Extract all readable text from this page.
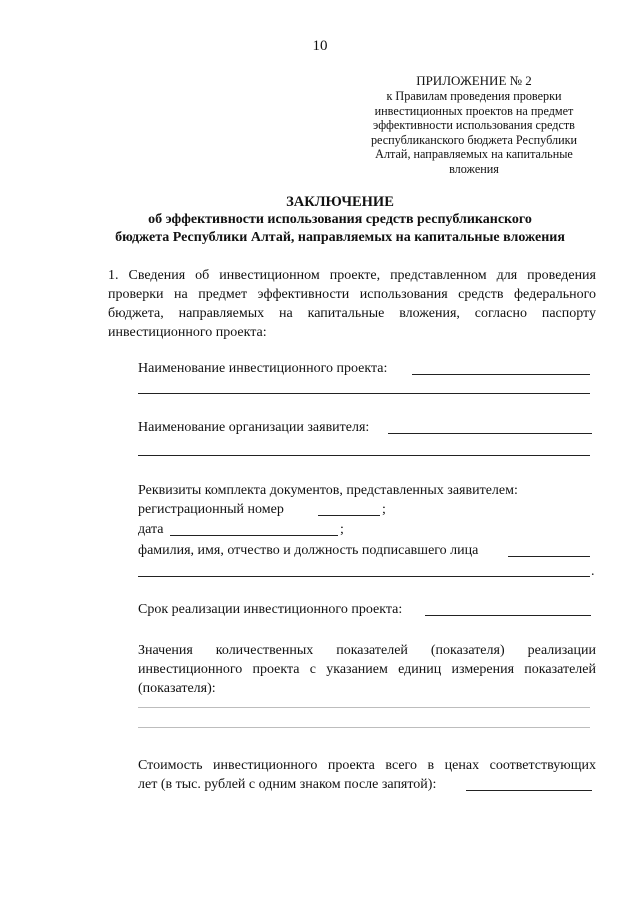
10
ПРИЛОЖЕНИЕ № 2
к Правилам проведения проверки
инвестиционных проектов на предмет
эффективности использования средств
республиканского бюджета Республики
Алтай, направляемых на капитальные
вложения
ЗАКЛЮЧЕНИЕ
об эффективности использования средств республиканского
бюджета Республики Алтай, направляемых на капитальные вложения
1. Сведения об инвестиционном проекте, представленном для проведения
проверки на предмет эффективности использования средств федерального
бюджета, направляемых на капитальные вложения, согласно паспорту
инвестиционного проекта:
Наименование инвестиционного проекта:
Наименование организации заявителя:
Реквизиты комплекта документов, представленных заявителем:
регистрационный номер	;
дата	;
фамилия, имя, отчество и должность подписавшего лица
.
Срок реализации инвестиционного проекта:
Значения количественных показателей (показателя) реализации
инвестиционного проекта с указанием единиц измерения показателей
(показателя):
Стоимость инвестиционного проекта всего в ценах соответствующих
лет (в тыс. рублей с одним знаком после запятой):
